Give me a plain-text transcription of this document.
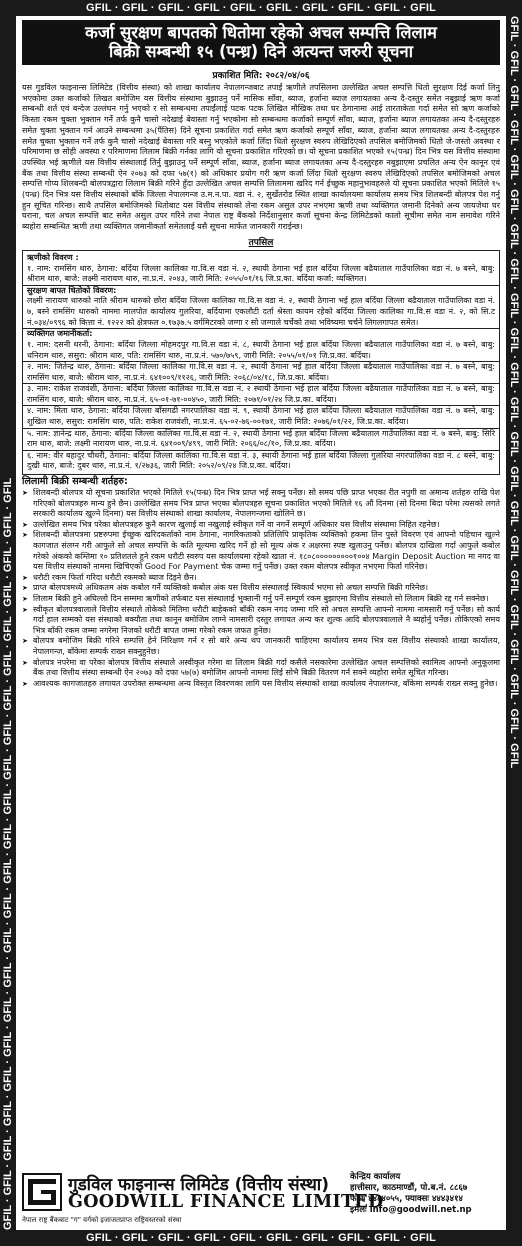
GFIL · GFIL · GFIL · GFIL · GFIL · GFIL · GFIL · GFIL · GFIL · GFIL
GFIL · GFIL · GFIL · GFIL · GFIL · GFIL · GFIL · GFIL · GFIL · GFIL · GFIL · GFIL · GFIL · GFIL · GFIL · GFIL · GFIL · GFIL · GFIL · GFIL · GFIL · GFIL
GFIL · GFIL · GFIL · GFIL · GFIL · GFIL · GFIL · GFIL · GFIL · GFIL · GFIL · GFIL · GFIL · GFIL · GFIL · GFIL · GFIL · GFIL · GFIL · GFIL · GFIL · GFIL
GFIL · GFIL · GFIL · GFIL · GFIL · GFIL · GFIL · GFIL · GFIL · GFIL
कर्जा सुरक्षण बापतको धितोमा रहेको अचल सम्पत्ति लिलाम
बिक्री सम्बन्धी १५ (पन्ध्र) दिने अत्यन्त जरुरी सूचना
प्रकाशित मिति: २०८२/०४/०६

यस गुडविल फाइनान्स लिमिटेड (वित्तीय संस्था) को शाखा कार्यालय नेपालगन्जबाट तपाईं ऋणीले तपसिलमा उल्लेखित अचल सम्पत्ति धितो सुरक्षण दिई कर्जा लिनु भएकोमा उक्त कर्जाको लिखत बमोजिम यस वित्तीय संस्थामा बुझाउनु पर्ने मासिक साँवा, ब्याज, हर्जाना ब्याज लगायतका अन्य दै-दस्तुर समेत नबुझाई ऋण कर्जा सम्बन्धी शर्त एवं बन्देज उल्लंघन गर्नु भएको र सो सम्बन्धमा तपाईंलाई पटक पटक लिखित मौखिक तथा घर ठेगानामा आई तारताकेता गर्दा समेत सो ऋण कर्जाको किस्ता रकम चुक्ता भुक्तान गर्ने तर्फ कुनै चासो नदेखाई बेवास्ता गर्नु भएकोमा सो सम्बन्धमा कर्जाको सम्पूर्ण साँवा, ब्याज, हर्जाना ब्याज लगायतका अन्य दै-दस्तुरहरु समेत चुक्ता भुक्तान गर्न आउने सम्बन्धमा ३५(पैंतिस) दिने सूचना प्रकाशित गर्दा समेत ऋण कर्जाको सम्पूर्ण साँवा, ब्याज, हर्जाना ब्याज लगायतका अन्य दै-दस्तुरहरु समेत चुक्ता भुक्तान गर्ने तर्फ कुनै चासो नदेखाई बेवास्ता गरि बस्नु भएकोले कर्जा लिँदा धितो सुरक्षण स्वरुप लेखिदिएको तपसिल बमोजिमको धितो जे-जस्तो अवस्था र परिमाणमा छ सोही अवस्था र परिमाणमा लिलाम बिक्री गर्नका लागि यो सूचना प्रकाशित गरिएको छ। यो सूचना प्रकाशित भएको १५(पन्ध्र) दिन भित्र यस वित्तीय संस्थामा उपस्थित भई ऋणीले यस वित्तीय संस्थालाई तिर्नु बुझाउनु पर्ने सम्पूर्ण साँवा, ब्याज, हर्जाना ब्याज लगायतका अन्य दै-दस्तुरहरु नबुझाएमा प्रचलित अन्य ऐन कानून एवं बैंक तथा वित्तीय संस्था सम्बन्धी ऐन २०७३ को दफा ५७(१) को अधिकार प्रयोग गरी ऋण कर्जा लिँदा धितो सुरक्षण स्वरुप लेखिदिएको तपसिल बमोजिमको अचल सम्पत्ति गोप्य शिलबन्दी बोलपत्रद्वारा लिलाम बिक्री गरिने हुँदा उल्लेखित अचल सम्पत्ति लिलाममा खरिद गर्न ईच्छुक महानुभावहरुले यो सूचना प्रकाशित भएको मितिले १५ (पन्ध्र) दिन भित्र यस वित्तीय संस्थाको बाँके जिल्ला नेपालगन्ज उ.म.न.पा. वडा नं. २, सुर्खेतरोड स्थित शाखा कार्यालयमा कार्यालय समय भित्र शिलबन्दी बोलपत्र पेश गर्नु हुन सूचित गरिन्छ। साथै तपसिल बमोजिमको धितोबाट यस वित्तीय संस्थाको लेना रकम असुल उपर नभएमा ऋणी तथा व्यक्तिगत जमानी दिनेको अन्य जायजेथा घर घराना, चल अचल सम्पत्ति बाट समेत असुल उपर गरिने तथा नेपाल राष्ट्र बैंकको निर्देशानुसार कर्जा सूचना केन्द्र लिमिटेडको कालो सूचीमा समेत नाम समावेश गरिने ब्यहोरा सम्बन्धित ऋणी तथा व्यक्तिगत जमानीकर्ता समेतलाई यसै सूचना मार्फत जानकारी गराईन्छ।

तपसिल
ऋणीको विवरण :
१. नाम: रामसिंग थारु, ठेगाना: बर्दिया जिल्ला कालिका गा.वि.स वडा नं. २, स्थायी ठेगाना भई हाल बर्दिया जिल्ला बढैयाताल गाउँपालिका वडा नं. ७ बस्ने, बाबु: श्रीराम थारु, बाजे: लक्ष्मी नारायण थारु, ना.प्र.नं. २०४३, जारी मिति: २०५५/०१/१६ जि.प्र.का. बर्दिया कर्जा: व्यक्तिगत।
सुरक्षण बापत धितोको विवरण:
लक्ष्मी नारायण थारुको नाति श्रीराम थारुको छोरा बर्दिया जिल्ला कालिका गा.वि.स वडा नं. २, स्थायी ठेगाना भई हाल बर्दिया जिल्ला बढैयाताल गाउँपालिका वडा नं. ७, बस्ने रामसिंग थारुको नाममा मालपोत कार्यालय गुलरिया, बर्दियामा एकलौटी दर्ता श्रेस्ता कायम रहेको बर्दिया जिल्ला कालिका गा.वि.स वडा नं. २, को सि.ट नं.०३४/०९९६ को कित्ता नं. १२२२ को क्षेत्रफल ०.१७३७.५ वर्गमिटरको जग्गा र सो जग्गाले चर्चेको तथा भविष्यमा चर्चने लिगलगापत समेत।
व्यक्तिगत जमानीकर्ता:
१. नाम: दसनी थरनी, ठेगाना: बर्दिया जिल्ला मोहमदपुर गा.वि.स वडा नं. ८, स्थायी ठेगाना भई हाल बर्दिया जिल्ला बढैयाताल गाउँपालिका वडा नं. ७ बस्ने, बाबु: धनिराम थारु, ससुरा: श्रीराम थारु, पति: रामसिंग थारु, ना.प्र.नं. ५७०/७५९, जारी मिति: २०५५/०१/०१ जि.प्र.का. बर्दिया।
२. नाम: जितेन्द्र थारु, ठेगाना: बर्दिया जिल्ला कालिका गा.वि.स वडा नं. २, स्थायी ठेगाना भई हाल बर्दिया जिल्ला बढैयाताल गाउँपालिका वडा नं. ७ बस्ने, बाबु: रामसिंग थारु, बाजे: श्रीराम थारु, ना.प्र.नं. ६४१००९/११२६, जारी मिति: २०६८/०४/१८, जि.प्र.का. बर्दिया।
३. नाम: राकेश राजवंशी, ठेगाना: बर्दिया जिल्ला कालिका गा.वि.स वडा नं. २ स्थायी ठेगाना भई हाल बर्दिया जिल्ला बढैयाताल गाउँपालिका वडा नं. ७ बस्ने, बाबु: रामसिंग थारु, बाजे: श्रीराम थारु, ना.प्र.नं. ६५-०१-७१-००४५०, जारी मिति: २०७१/०१/२४ जि.प्र.का. बर्दिया।
४. नाम: मिता थारु, ठेगाना: बर्दिया जिल्ला बाँसगढी नगरपालिका वडा नं. ९, स्थायी ठेगाना भई हाल बर्दिया जिल्ला बढैयाताल गाउँपालिका वडा नं. ७ बस्ने, बाबु: शुखिल थारु, ससुरा: रामसिंग थारु, पति: राकेश राजवंशी, ना.प्र.नं. ६५-०२-७६-००१७१, जारी मिति: २०७६/०१/२२, जि.प्र.का. बर्दिया।
५. नाम: ज्ञानेन्द्र थारु, ठेगाना: बर्दिया जिल्ला कालिका गा.वि.स वडा नं. २, स्थायी ठेगाना भई हाल बर्दिया जिल्ला बढैयाताल गाउँपालिका वडा नं. ७ बस्ने, बाबु: सिरि राम थारु, बाजे: लक्ष्मी नारायण थारु, ना.प्र.नं. ६४१००९/४९९, जारी मिति: २०६६/०८/१०, जि.प्र.का. बर्दिया।
६. नाम: वीर बहादुर चौधरी, ठेगाना: बर्दिया जिल्ला कालिका गा.वि.स वडा नं. ३, स्थायी ठेगाना भई हाल बर्दिया जिल्ला गुलरिया नगरपालिका वडा नं. ८ बस्ने, बाबु: दुखी थारु, बाजे: दुबर थारु, ना.प्र.नं. १/२७३६, जारी मिति: २०५२/०९/२४ जि.प्र.का. बर्दिया।
लिलामी बिक्री सम्बन्धी शर्तहरु:
➤ शिलबन्दी बोलपत्र यो सूचना प्रकाशित भएको मितिले १५(पन्ध्र) दिन भित्र प्राप्त भई सक्नु पर्नेछ। सो समय पछि प्राप्त भएका रीत नपुगी वा अमान्य शर्तहरु राखि पेश गरिएको बोलपत्रहरु मान्य हुने छैन। उल्लेखित समय भित्र प्राप्त भएका बोलपत्रहरु सूचना प्रकाशित भएको मितिले १६ औं दिनमा (सो दिनमा बिदा परेमा त्यसको लगते सरकारी कार्यालय खुल्ने दिनमा) यस वित्तीय संस्थाको शाखा कार्यालय, नेपालगन्जमा खोलिने छ।
➤ उल्लेखित समय भित्र परेका बोलपत्रहरु कुनै कारण खुलाई वा नखुलाई स्वीकृत गर्ने वा नगर्ने सम्पूर्ण अधिकार यस वित्तीय संस्थामा निहित रहनेछ।
➤ शिलबन्दी बोलपत्रमा प्रष्टरुपमा ईच्छुक खरिदकर्ताको नाम ठेगाना, नागरिकताको प्रतिलिपि प्राकृतिक व्यक्तिको हकमा तिन पुस्ते विवरण एवं आफ्नो पहिचान खुल्ने कागजात संलग्न गरी आफुले सो अचल सम्पत्ति के कति मूल्यमा खरिद गर्ने हो सो मूल्य अंक र अक्षरमा स्पष्ट खुलाउनु पर्नेछ। बोलपत्र दाखिला गर्दा आफुले कबोल गरेको अंकको कम्तिमा १० प्रतिशतले हुने रकम धरौटी स्वरुप यस कार्यालयमा रहेको खाता नं. १८०८०००००००००१००४ Margin Deposit Auction मा नगद वा यस वित्तीय संस्थाको नाममा खिचिएको Good For Payment चेक जम्मा गर्नु पर्नेछ। उक्त रकम बोलपत्र स्वीकृत नभएमा फिर्ता गरिनेछ।
➤ धरौटी रकम फिर्ता गरिदा धरौटी रकमको ब्याज दिइने छैन।
➤ प्राप्त बोलपत्रमध्ये अधिकतम अंक कबोल गर्ने व्यक्तिको कबोल अंक यस वित्तीय संस्थालाई स्विकार्य भएमा सो अचल सम्पत्ति बिक्री गरिनेछ।
➤ लिलाम बिक्री हुने अघिल्लो दिन सम्ममा ऋणीको तर्फबाट यस संस्थालाई भुक्तानी गर्नु पर्ने सम्पूर्ण रकम बुझाएमा वित्तीय संस्थाले सो लिलाम बिक्री रद्द गर्न सक्नेछ।
➤ स्वीकृत बोलपत्रवालाले वित्तीय संस्थाले तोकेको मितिमा धरौटी बाहेकको बाँकी रकम नगद जम्मा गरि सो अचल सम्पत्ति आफ्नो नाममा नामसारी गर्नु पर्नेछ। सो कार्य गर्दा हाल सम्मको यस संस्थाको बक्यौता तथा कानून बमोजिम लाग्ने नामसारी दस्तुर लगायत अन्य कर शुल्क आदि बोलपत्रवालाले नै ब्यहोर्नु पर्नेछ। तोकिएको समय भित्र बाँकी रकम जम्मा नगरेमा निजको धरौटी बापत जम्मा गरेको रकम जफत हुनेछ।
➤ बोलपत्र बमोजिम बिक्री गरिने सम्पत्ति हेर्न निरिक्षण गर्न र सो बारे अन्य थप जानकारी चाहिएमा कार्यालय समय भित्र यस वित्तीय संस्थाको शाखा कार्यालय, नेपालगन्ज, बाँकेमा सम्पर्क राख्न सक्नुहुनेछ।
➤ बोलपत्र नपरेमा वा परेका बोलपत्र वित्तीय संस्थाले अस्वीकृत गरेमा वा लिलाम बिक्री गर्दा कसैले नसकारेमा उल्लेखित अचल सम्पत्तिको स्वामित्व आफ्नो अनुकूलमा बैंक तथा वित्तीय संस्था सम्बन्धी ऐन २०७३ को दफा ५७(७) बमोजिम आफ्नो नाममा लिई सोभै बिक्री वितरण गर्न सक्ने व्यहोरा समेत सूचित गरिन्छ।
➤ आवश्यक कागजातहरु लगायत उपरोक्त सम्बन्धमा अन्य विस्तृत विवरणका लागि यस वित्तीय संस्थाको शाखा कार्यालय नेपालगन्ज, बाँकेमा सम्पर्क राख्न सक्नु हुनेछ।
गुडविल फाइनान्स लिमिटेड (वित्तीय संस्था)
GOODWILL FINANCE LIMITED
नेपाल राष्ट्र बैंकबाट "ग" वर्गको इजाजतप्राप्त राष्ट्रियस्तरको संस्था
केन्द्रिय कार्यालय
हात्तीसार, काठमाण्डौं, पो.ब.नं. ८८६७
फोनः ४४८४०५५, फ्याक्सः ४४४३४१४
इमेलः info@goodwill.net.np
